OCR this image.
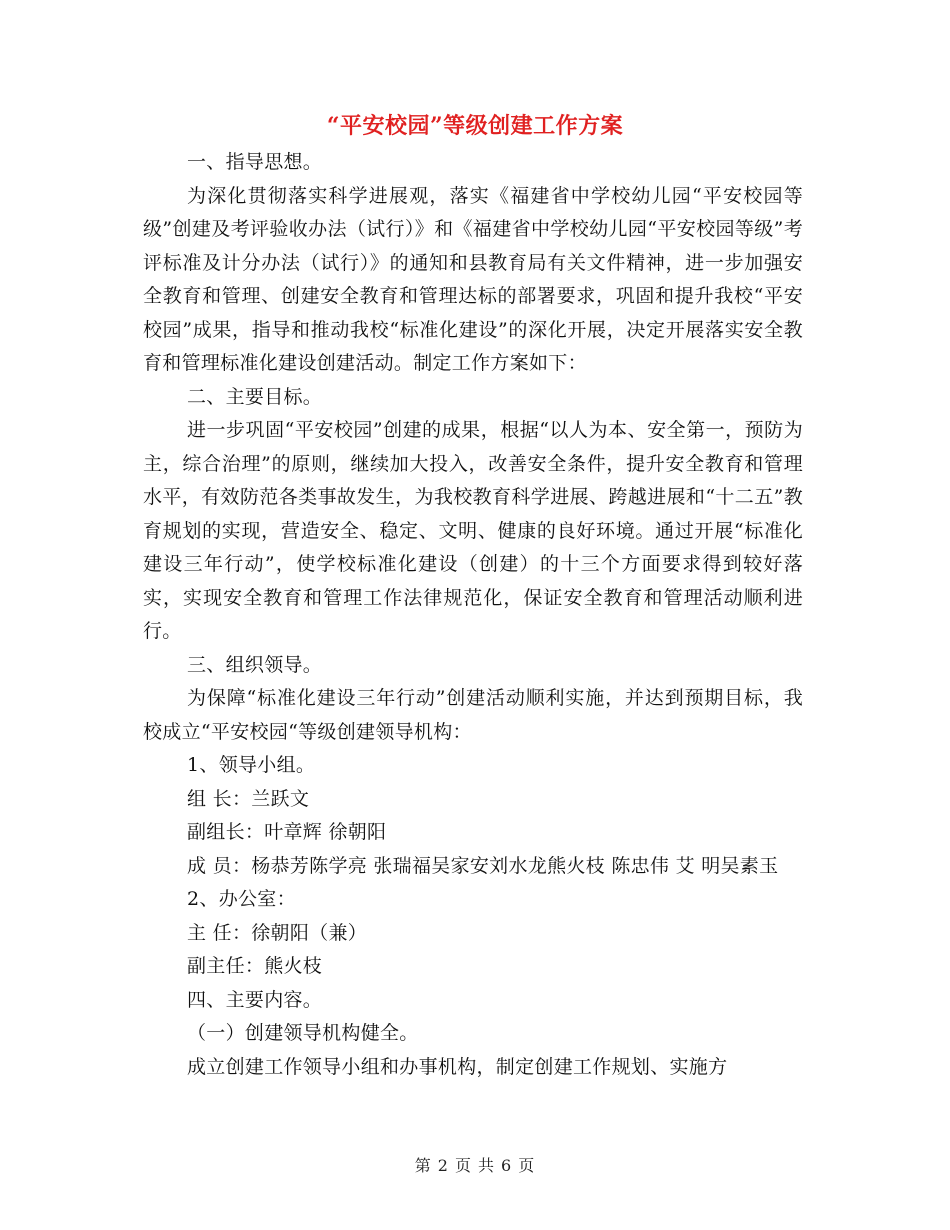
“平安校园”等级创建工作方案

一、指导思想。

为深化贯彻落实科学进展观，落实《福建省中学校幼儿园“平安校园等级”创建及考评验收办法（试行）》和《福建省中学校幼儿园“平安校园等级”考评标准及计分办法（试行）》的通知和县教育局有关文件精神，进一步加强安全教育和管理、创建安全教育和管理达标的部署要求，巩固和提升我校“平安校园”成果，指导和推动我校“标准化建设”的深化开展，决定开展落实安全教育和管理标准化建设创建活动。制定工作方案如下：

二、主要目标。

进一步巩固“平安校园”创建的成果，根据“以人为本、安全第一，预防为主，综合治理”的原则，继续加大投入，改善安全条件，提升安全教育和管理水平，有效防范各类事故发生，为我校教育科学进展、跨越进展和“十二五”教育规划的实现，营造安全、稳定、文明、健康的良好环境。通过开展“标准化建设三年行动”，使学校标准化建设（创建）的十三个方面要求得到较好落实，实现安全教育和管理工作法律规范化，保证安全教育和管理活动顺利进行。

三、组织领导。

为保障“标准化建设三年行动”创建活动顺利实施，并达到预期目标，我校成立“平安校园“等级创建领导机构：

1、领导小组。

组 长：兰跃文

副组长：叶章辉 徐朝阳

成 员：杨恭芳陈学亮 张瑞福吴家安刘水龙熊火枝 陈忠伟 艾 明吴素玉

2、办公室：

主 任：徐朝阳（兼）

副主任：熊火枝

四、主要内容。

（一）创建领导机构健全。

成立创建工作领导小组和办事机构，制定创建工作规划、实施方

第 2 页 共 6 页
